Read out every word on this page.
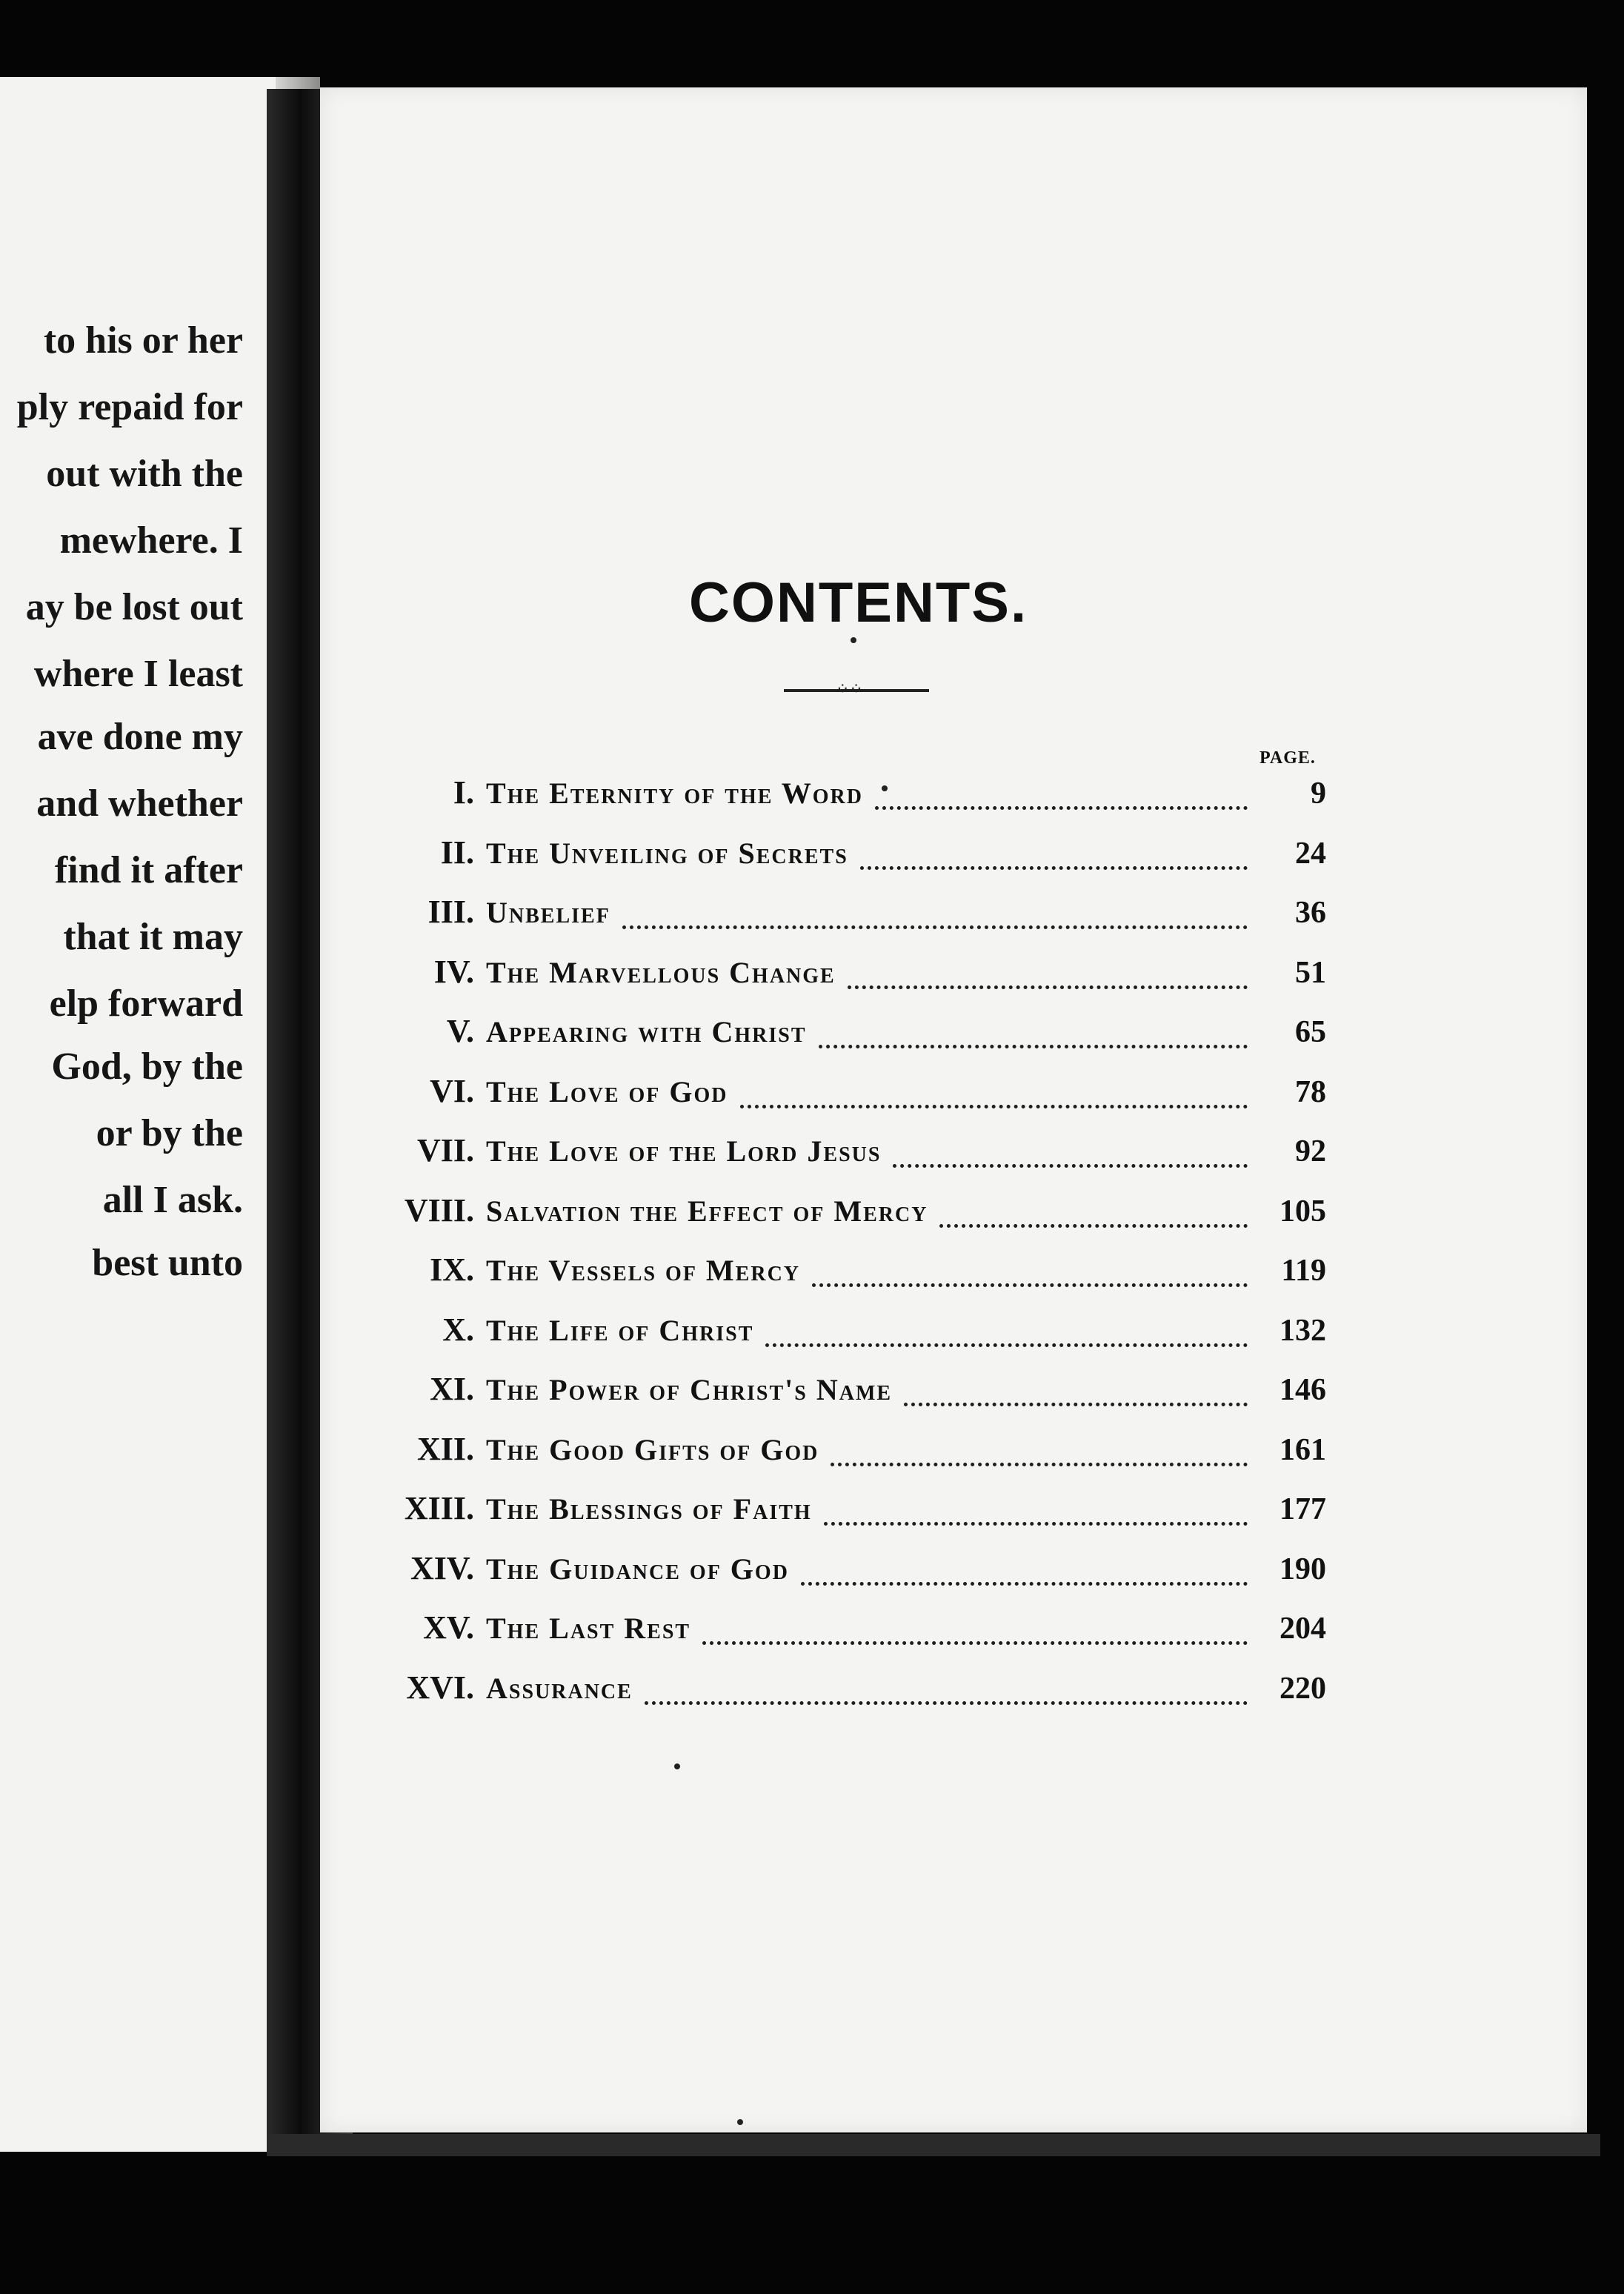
to his or her
ply repaid for
out with the
mewhere. I
ay be lost out
where I least
ave done my
and whether
find it after
that it may
elp forward
God, by the
or by the
all I ask.
best unto
CONTENTS.
⁘⁘
PAGE.
I. The Eternity of the Word	9
II. The Unveiling of Secrets	24
III. Unbelief	36
IV. The Marvellous Change	51
V. Appearing with Christ	65
VI. The Love of God	78
VII. The Love of the Lord Jesus	92
VIII. Salvation the Effect of Mercy	105
IX. The Vessels of Mercy	119
X. The Life of Christ	132
XI. The Power of Christ's Name	146
XII. The Good Gifts of God	161
XIII. The Blessings of Faith	177
XIV. The Guidance of God	190
XV. The Last Rest	204
XVI. Assurance	220
